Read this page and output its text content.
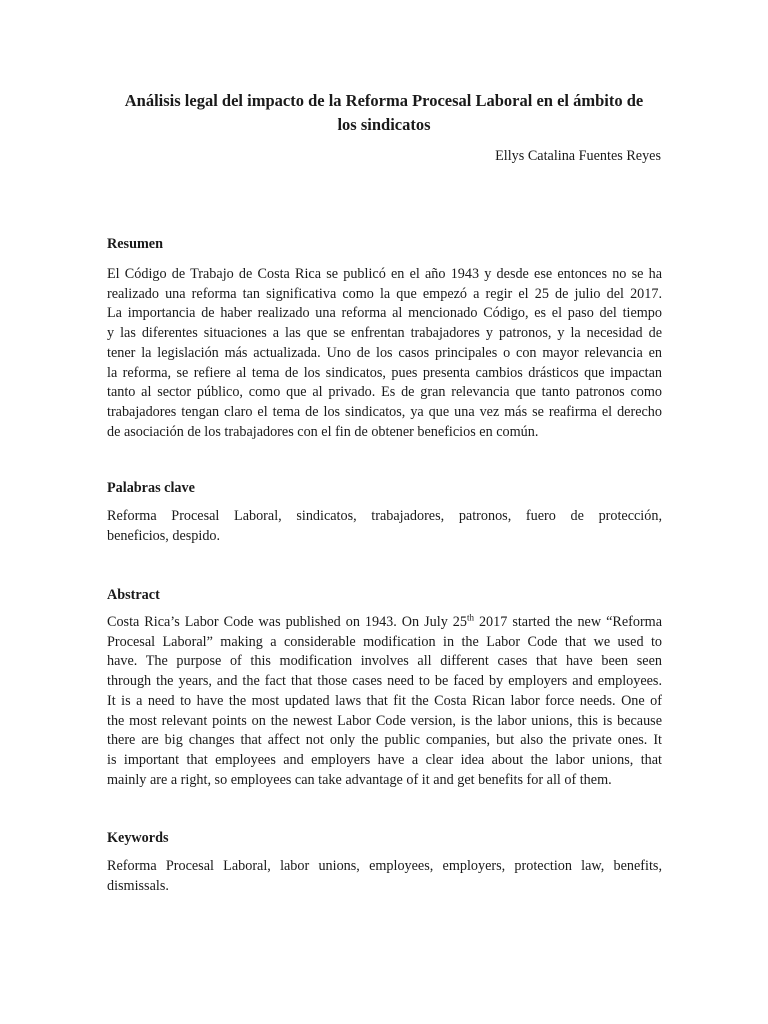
Análisis legal del impacto de la Reforma Procesal Laboral en el ámbito de
los sindicatos
Ellys Catalina Fuentes Reyes
Resumen
El Código de Trabajo de Costa Rica se publicó en el año 1943 y desde ese entonces no se ha
realizado una reforma tan significativa como la que empezó a regir el 25 de julio del 2017.
La importancia de haber realizado una reforma al mencionado Código, es el paso del tiempo
y las diferentes situaciones a las que se enfrentan trabajadores y patronos, y la necesidad de
tener la legislación más actualizada. Uno de los casos principales o con mayor relevancia en
la reforma, se refiere al tema de los sindicatos, pues presenta cambios drásticos que impactan
tanto al sector público, como que al privado. Es de gran relevancia que tanto patronos como
trabajadores tengan claro el tema de los sindicatos, ya que una vez más se reafirma el derecho
de asociación de los trabajadores con el fin de obtener beneficios en común.
Palabras clave
Reforma Procesal Laboral, sindicatos, trabajadores, patronos, fuero de protección,
beneficios, despido.
Abstract
Costa Rica’s Labor Code was published on 1943. On July 25th 2017 started the new “Reforma
Procesal Laboral” making a considerable modification in the Labor Code that we used to
have. The purpose of this modification involves all different cases that have been seen
through the years, and the fact that those cases need to be faced by employers and employees.
It is a need to have the most updated laws that fit the Costa Rican labor force needs. One of
the most relevant points on the newest Labor Code version, is the labor unions, this is because
there are big changes that affect not only the public companies, but also the private ones. It
is important that employees and employers have a clear idea about the labor unions, that
mainly are a right, so employees can take advantage of it and get benefits for all of them.
Keywords
Reforma Procesal Laboral, labor unions, employees, employers, protection law, benefits,
dismissals.
